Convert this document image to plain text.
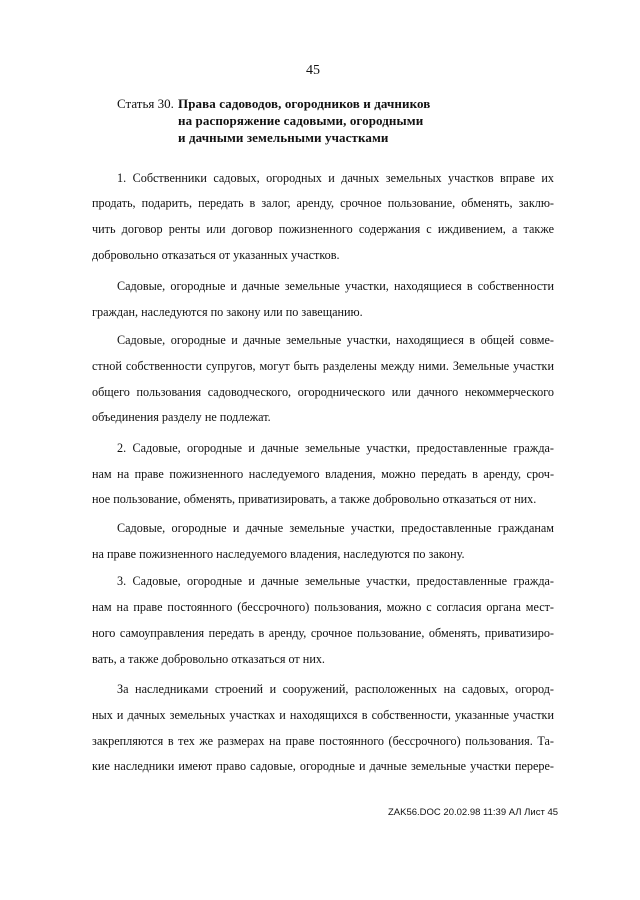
45
Статья 30. Права садоводов, огородников и дачников
на распоряжение садовыми, огородными
и дачными земельными участками
1. Собственники садовых, огородных и дачных земельных участков вправе их
продать, подарить, передать в залог, аренду, срочное пользование, обменять, заклю-
чить договор ренты или договор пожизненного содержания с иждивением, а также
добровольно отказаться от указанных участков.
Садовые, огородные и дачные земельные участки, находящиеся в собственности
граждан, наследуются по закону или по завещанию.
Садовые, огородные и дачные земельные участки, находящиеся в общей совме-
стной собственности супругов, могут быть разделены между ними. Земельные участки
общего пользования садоводческого, огороднического или дачного некоммерческого
объединения разделу не подлежат.
2. Садовые, огородные и дачные земельные участки, предоставленные гражда-
нам на праве пожизненного наследуемого владения, можно передать в аренду, сроч-
ное пользование, обменять, приватизировать, а также добровольно отказаться от них.
Садовые, огородные и дачные земельные участки, предоставленные гражданам
на праве пожизненного наследуемого владения, наследуются по закону.
3. Садовые, огородные и дачные земельные участки, предоставленные гражда-
нам на праве постоянного (бессрочного) пользования, можно с согласия органа мест-
ного самоуправления передать в аренду, срочное пользование, обменять, приватизиро-
вать, а также добровольно отказаться от них.
За наследниками строений и сооружений, расположенных на садовых, огород-
ных и дачных земельных участках и находящихся в собственности, указанные участки
закрепляются в тех же размерах на праве постоянного (бессрочного) пользования. Та-
кие наследники имеют право садовые, огородные и дачные земельные участки перере-
ZAK56.DOC 20.02.98 11:39 АЛ Лист 45
